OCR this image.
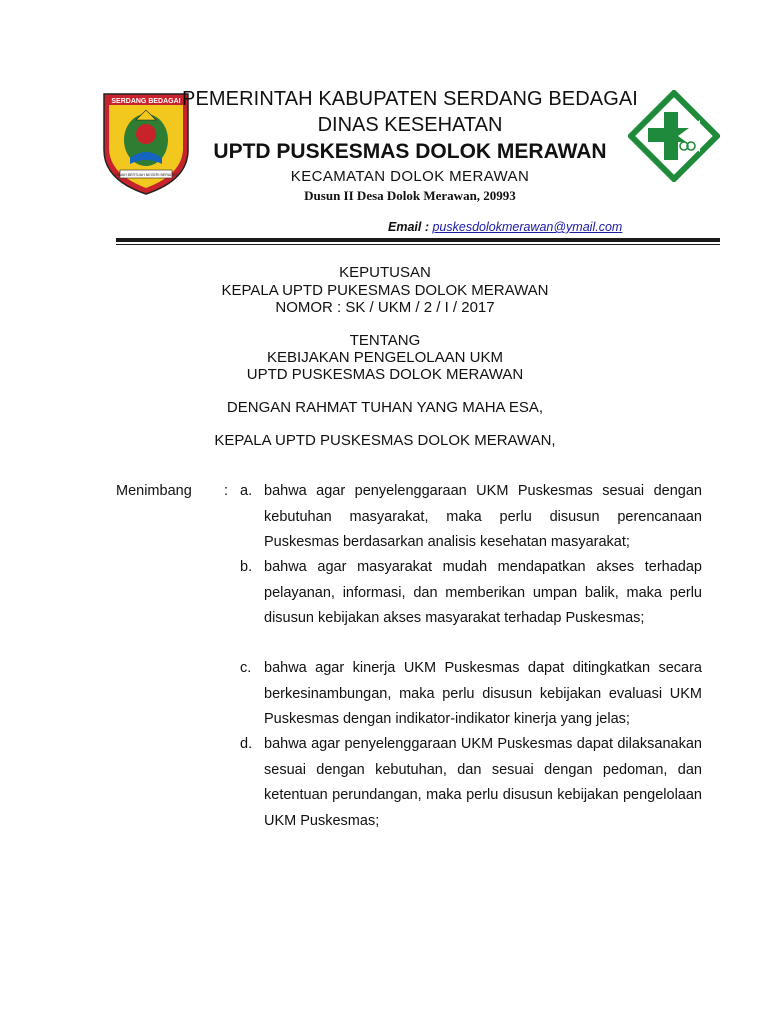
SERDANG BEDAGAI
TANAH BERTUAH NEGERI BERADAT
PEMERINTAH KABUPATEN SERDANG BEDAGAI
DINAS KESEHATAN
UPTD PUSKESMAS DOLOK MERAWAN
KECAMATAN DOLOK MERAWAN
Dusun II Desa Dolok Merawan, 20993
Email : puskesdolokmerawan@ymail.com
KEPUTUSAN
KEPALA UPTD PUKESMAS DOLOK MERAWAN
NOMOR : SK / UKM / 2 / I / 2017
TENTANG
KEBIJAKAN PENGELOLAAN UKM
UPTD PUSKESMAS DOLOK MERAWAN
DENGAN RAHMAT TUHAN YANG MAHA ESA,
KEPALA UPTD PUSKESMAS DOLOK MERAWAN,
Menimbang : a. bahwa agar penyelenggaraan UKM Puskesmas sesuai dengan kebutuhan masyarakat, maka perlu disusun perencanaan Puskesmas berdasarkan analisis kesehatan masyarakat;
b. bahwa agar masyarakat mudah mendapatkan akses terhadap pelayanan, informasi, dan memberikan umpan balik, maka perlu disusun kebijakan akses masyarakat terhadap Puskesmas;
c. bahwa agar kinerja UKM Puskesmas dapat ditingkatkan secara berkesinambungan, maka perlu disusun kebijakan evaluasi UKM Puskesmas dengan indikator-indikator kinerja yang jelas;
d. bahwa agar penyelenggaraan UKM Puskesmas dapat dilaksanakan sesuai dengan kebutuhan, dan sesuai dengan pedoman, dan ketentuan perundangan, maka perlu disusun kebijakan pengelolaan UKM Puskesmas;
